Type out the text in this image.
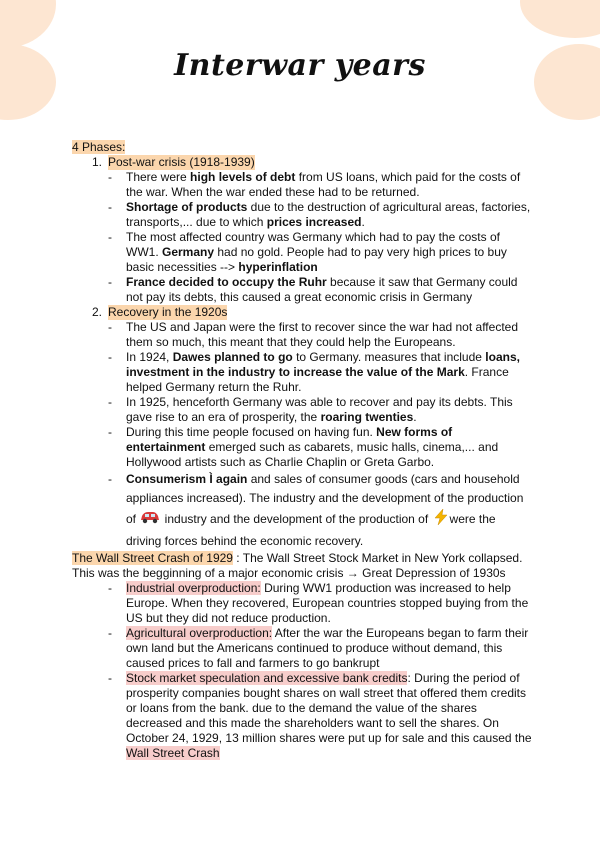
Interwar years

4 Phases:

1. Post-war crisis (1918-1939)
- There were high levels of debt from US loans, which paid for the costs of the war. When the war ended these had to be returned.
- Shortage of products due to the destruction of agricultural areas, factories, transports,... due to which prices increased.
- The most affected country was Germany which had to pay the costs of WW1. Germany had no gold. People had to pay very high prices to buy basic necessities --> hyperinflation
- France decided to occupy the Ruhr because it saw that Germany could not pay its debts, this caused a great economic crisis in Germany
2. Recovery in the 1920s
- The US and Japan were the first to recover since the war had not affected them so much, this meant that they could help the Europeans.
- In 1924, Dawes planned to go to Germany. measures that include loans, investment in the industry to increase the value of the Mark. France helped Germany return the Ruhr.
- In 1925, henceforth Germany was able to recover and pay its debts. This gave rise to an era of prosperity, the roaring twenties.
- During this time people focused on having fun. New forms of entertainment emerged such as cabarets, music halls, cinema,... and Hollywood artists such as Charlie Chaplin or Greta Garbo.
- Consumerism Ì again and sales of consumer goods (cars and household appliances increased). The industry and the development of the production of  industry and the development of the production of were the driving forces behind the economic recovery.

The Wall Street Crash of 1929 : The Wall Street Stock Market in New York collapsed. This was the begginning of a major economic crisis → Great Depression of 1930s

- Industrial overproduction: During WW1 production was increased to help Europe. When they recovered, European countries stopped buying from the US but they did not reduce production.
- Agricultural overproduction: After the war the Europeans began to farm their own land but the Americans continued to produce without demand, this caused prices to fall and farmers to go bankrupt
- Stock market speculation and excessive bank credits: During the period of prosperity companies bought shares on wall street that offered them credits or loans from the bank. due to the demand the value of the shares decreased and this made the shareholders want to sell the shares. On October 24, 1929, 13 million shares were put up for sale and this caused the Wall Street Crash
